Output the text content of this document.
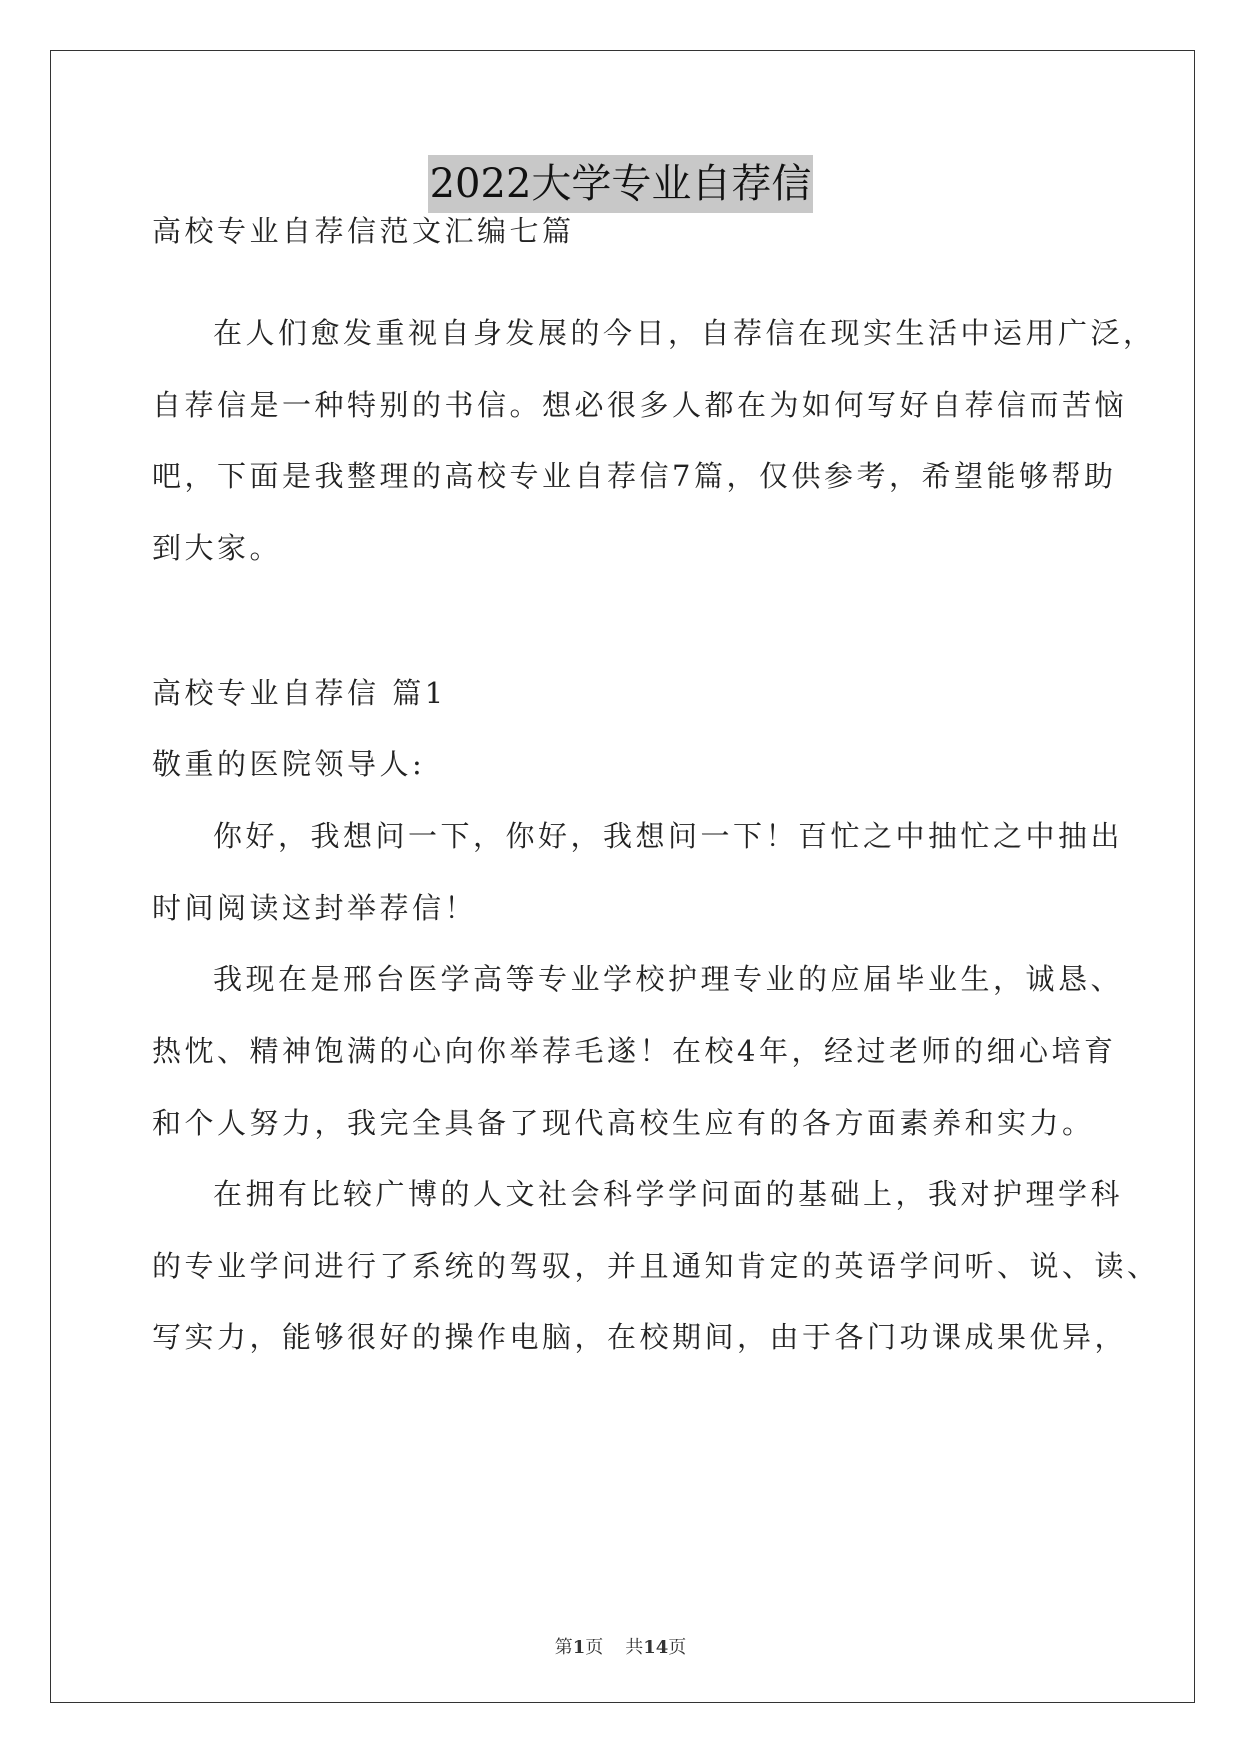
2022大学专业自荐信
高校专业自荐信范文汇编七篇
在人们愈发重视自身发展的今日，自荐信在现实生活中运用广泛，
自荐信是一种特别的书信。想必很多人都在为如何写好自荐信而苦恼
吧，下面是我整理的高校专业自荐信7篇，仅供参考，希望能够帮助
到大家。
高校专业自荐信 篇1
敬重的医院领导人:
你好，我想问一下，你好，我想问一下！百忙之中抽忙之中抽出
时间阅读这封举荐信！
我现在是邢台医学高等专业学校护理专业的应届毕业生，诚恳、
热忱、精神饱满的心向你举荐毛遂！在校4年，经过老师的细心培育
和个人努力，我完全具备了现代高校生应有的各方面素养和实力。
在拥有比较广博的人文社会科学学问面的基础上，我对护理学科
的专业学问进行了系统的驾驭，并且通知肯定的英语学问听、说、读、
写实力，能够很好的操作电脑，在校期间，由于各门功课成果优异，
第1页 共14页
